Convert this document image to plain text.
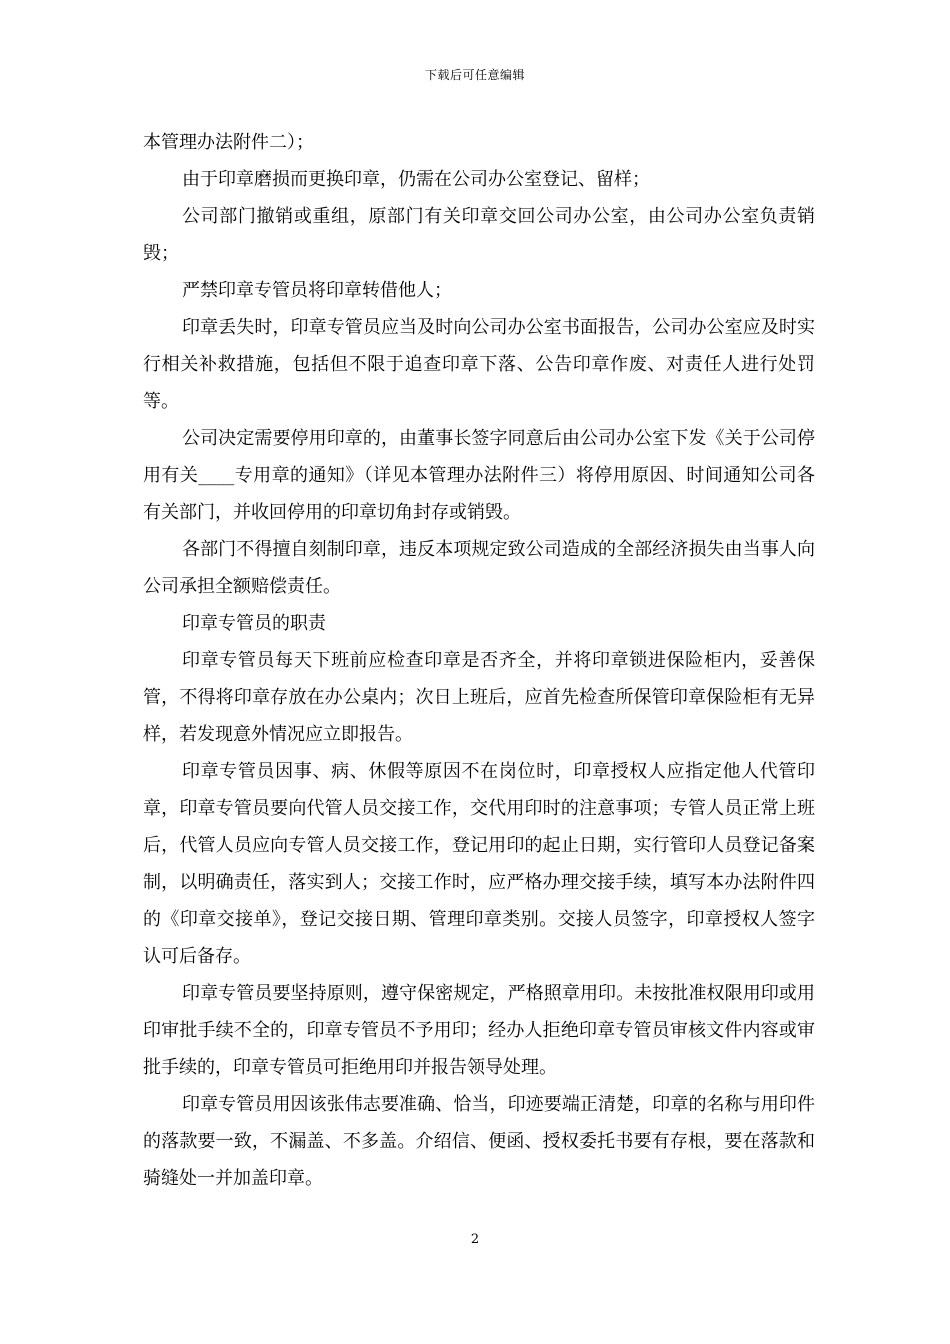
下载后可任意编辑

本管理办法附件二）；

由于印章磨损而更换印章，仍需在公司办公室登记、留样；

公司部门撤销或重组，原部门有关印章交回公司办公室，由公司办公室负责销毁；

严禁印章专管员将印章转借他人；

印章丢失时，印章专管员应当及时向公司办公室书面报告，公司办公室应及时实行相关补救措施，包括但不限于追查印章下落、公告印章作废、对责任人进行处罚等。

公司决定需要停用印章的，由董事长签字同意后由公司办公室下发《关于公司停用有关____专用章的通知》（详见本管理办法附件三）将停用原因、时间通知公司各有关部门，并收回停用的印章切角封存或销毁。

各部门不得擅自刻制印章，违反本项规定致公司造成的全部经济损失由当事人向公司承担全额赔偿责任。

印章专管员的职责

印章专管员每天下班前应检查印章是否齐全，并将印章锁进保险柜内，妥善保管，不得将印章存放在办公桌内；次日上班后，应首先检查所保管印章保险柜有无异样，若发现意外情况应立即报告。

印章专管员因事、病、休假等原因不在岗位时，印章授权人应指定他人代管印章，印章专管员要向代管人员交接工作，交代用印时的注意事项；专管人员正常上班后，代管人员应向专管人员交接工作，登记用印的起止日期，实行管印人员登记备案制，以明确责任，落实到人；交接工作时，应严格办理交接手续，填写本办法附件四的《印章交接单》，登记交接日期、管理印章类别。交接人员签字，印章授权人签字认可后备存。

印章专管员要坚持原则，遵守保密规定，严格照章用印。未按批准权限用印或用印审批手续不全的，印章专管员不予用印；经办人拒绝印章专管员审核文件内容或审批手续的，印章专管员可拒绝用印并报告领导处理。

印章专管员用因该张伟志要准确、恰当，印迹要端正清楚，印章的名称与用印件的落款要一致，不漏盖、不多盖。介绍信、便函、授权委托书要有存根，要在落款和骑缝处一并加盖印章。

2
